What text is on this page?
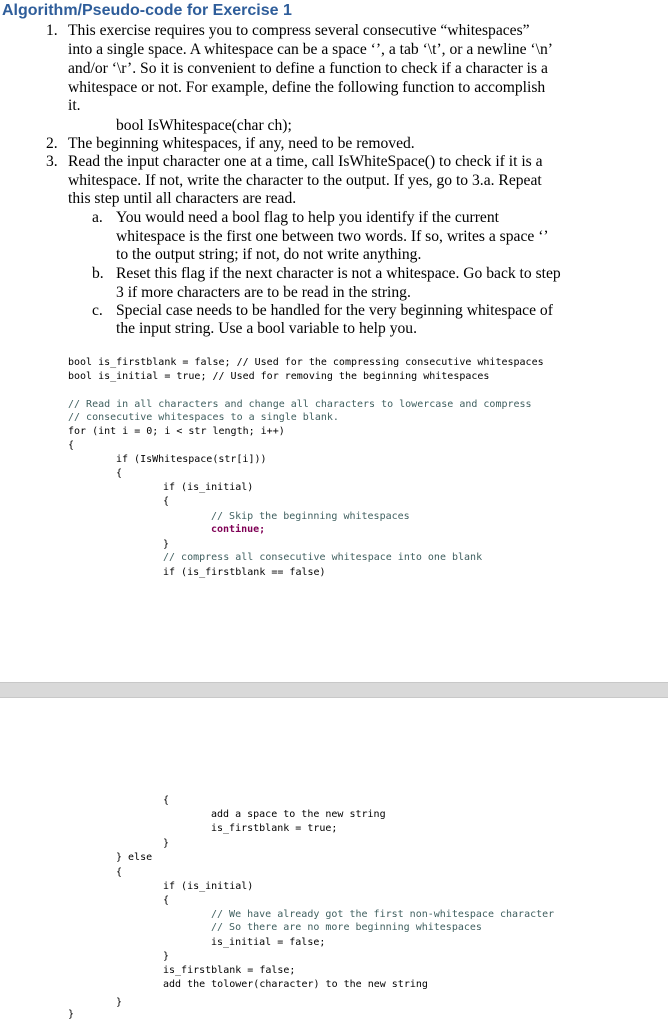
Algorithm/Pseudo-code for Exercise 1
1. This exercise requires you to compress several consecutive “whitespaces”
into a single space. A whitespace can be a space ‘’, a tab ‘\t’, or a newline ‘\n’
and/or ‘\r’. So it is convenient to define a function to check if a character is a
whitespace or not. For example, define the following function to accomplish
it.
bool IsWhitespace(char ch);
2. The beginning whitespaces, if any, need to be removed.
3. Read the input character one at a time, call IsWhiteSpace() to check if it is a
whitespace. If not, write the character to the output. If yes, go to 3.a. Repeat
this step until all characters are read.
a. You would need a bool flag to help you identify if the current
whitespace is the first one between two words. If so, writes a space ‘’
to the output string; if not, do not write anything.
b. Reset this flag if the next character is not a whitespace. Go back to step
3 if more characters are to be read in the string.
c. Special case needs to be handled for the very beginning whitespace of
the input string. Use a bool variable to help you.
bool is_firstblank = false; // Used for the compressing consecutive whitespaces
bool is_initial = true; // Used for removing the beginning whitespaces
// Read in all characters and change all characters to lowercase and compress
// consecutive whitespaces to a single blank.
for (int i = 0; i < str length; i++)
{
if (IsWhitespace(str[i]))
{
if (is_initial)
{
// Skip the beginning whitespaces
continue;
}
// compress all consecutive whitespace into one blank
if (is_firstblank == false)
{
add a space to the new string
is_firstblank = true;
}
} else
{
if (is_initial)
{
// We have already got the first non-whitespace character
// So there are no more beginning whitespaces
is_initial = false;
}
is_firstblank = false;
add the tolower(character) to the new string
}
}
